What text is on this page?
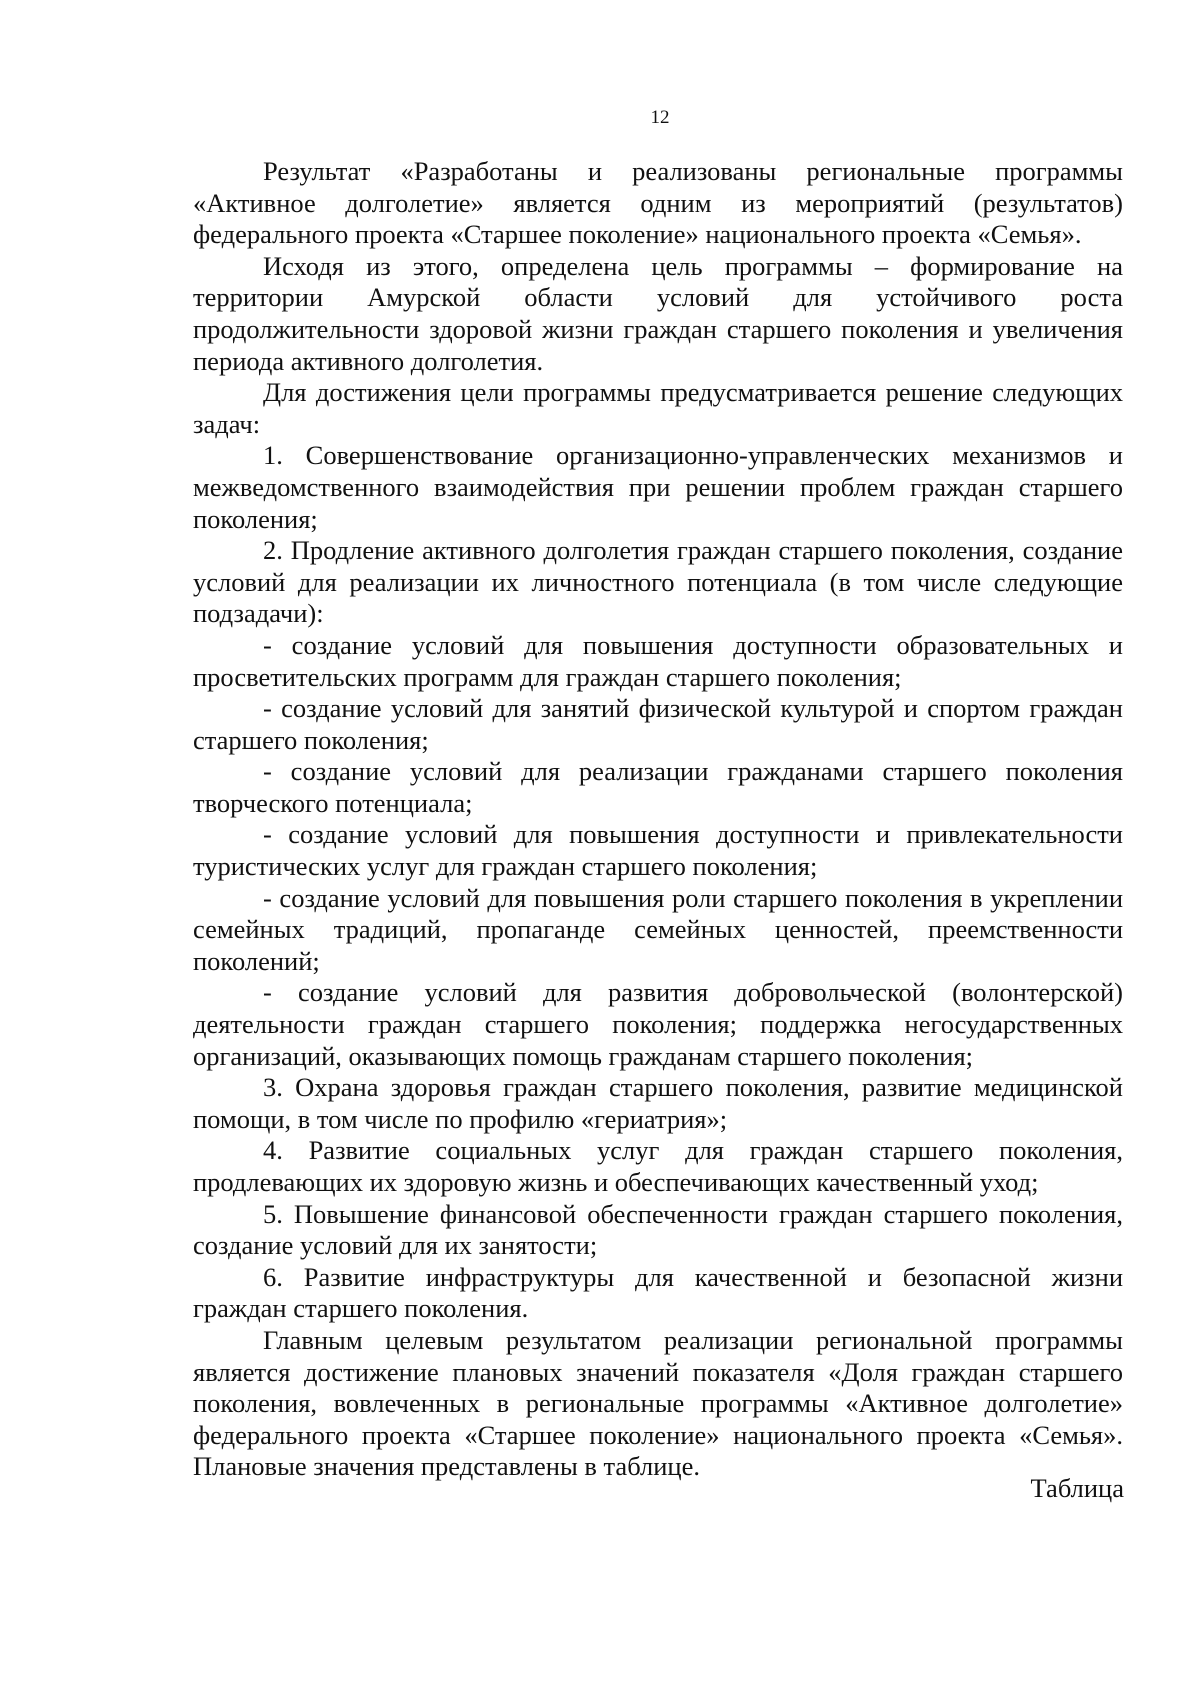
12

Результат «Разработаны и реализованы региональные программы «Активное долголетие» является одним из мероприятий (результатов) федерального проекта «Старшее поколение» национального проекта «Семья».

Исходя из этого, определена цель программы – формирование на территории Амурской области условий для устойчивого роста продолжительности здоровой жизни граждан старшего поколения и увеличения периода активного долголетия.

Для достижения цели программы предусматривается решение следующих задач:

1. Совершенствование организационно-управленческих механизмов и межведомственного взаимодействия при решении проблем граждан старшего поколения;

2. Продление активного долголетия граждан старшего поколения, создание условий для реализации их личностного потенциала (в том числе следующие подзадачи):

- создание условий для повышения доступности образовательных и просветительских программ для граждан старшего поколения;

- создание условий для занятий физической культурой и спортом граждан старшего поколения;

- создание условий для реализации гражданами старшего поколения творческого потенциала;

- создание условий для повышения доступности и привлекательности туристических услуг для граждан старшего поколения;

- создание условий для повышения роли старшего поколения в укреплении семейных традиций, пропаганде семейных ценностей, преемственности поколений;

- создание условий для развития добровольческой (волонтерской) деятельности граждан старшего поколения; поддержка негосударственных организаций, оказывающих помощь гражданам старшего поколения;

3. Охрана здоровья граждан старшего поколения, развитие медицинской помощи, в том числе по профилю «гериатрия»;

4. Развитие социальных услуг для граждан старшего поколения, продлевающих их здоровую жизнь и обеспечивающих качественный уход;

5. Повышение финансовой обеспеченности граждан старшего поколения, создание условий для их занятости;

6. Развитие инфраструктуры для качественной и безопасной жизни граждан старшего поколения.

Главным целевым результатом реализации региональной программы является достижение плановых значений показателя «Доля граждан старшего поколения, вовлеченных в региональные программы «Активное долголетие» федерального проекта «Старшее поколение» национального проекта «Семья». Плановые значения представлены в таблице.

Таблица
